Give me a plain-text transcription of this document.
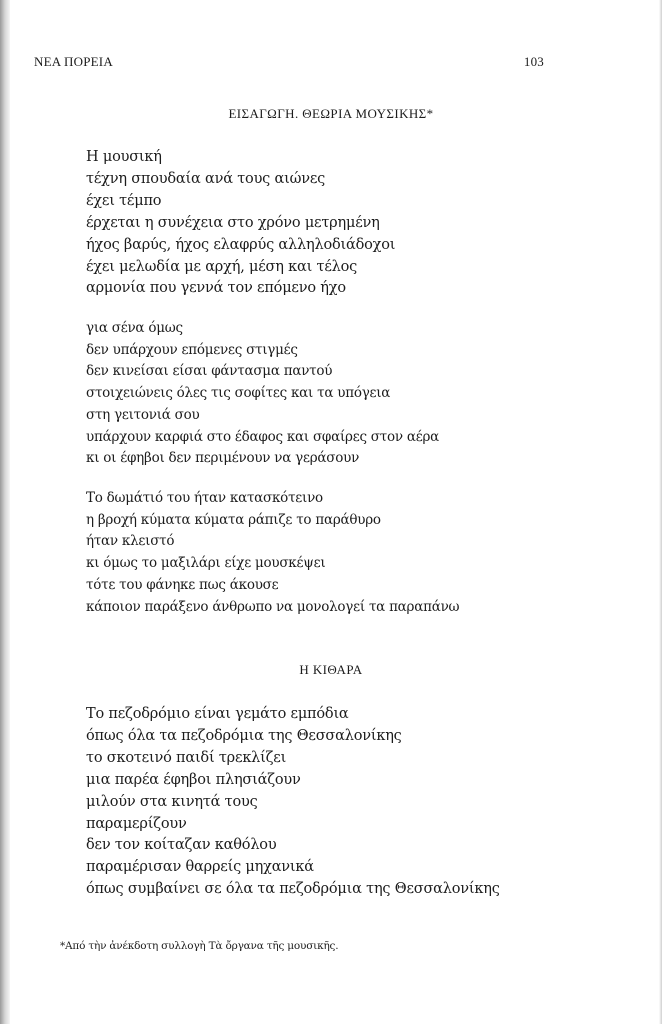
ΝΕΑ ΠΟΡΕΙΑ	103
ΕΙΣΑΓΩΓΗ. ΘΕΩΡΙΑ ΜΟΥΣΙΚΗΣ*
Η μουσική
τέχνη σπουδαία ανά τους αιώνες
έχει τέμπο
έρχεται η συνέχεια στο χρόνο μετρημένη
ήχος βαρύς, ήχος ελαφρύς αλληλοδιάδοχοι
έχει μελωδία με αρχή, μέση και τέλος
αρμονία που γεννά τον επόμενο ήχο
για σένα όμως
δεν υπάρχουν επόμενες στιγμές
δεν κινείσαι είσαι φάντασμα παντού
στοιχειώνεις όλες τις σοφίτες και τα υπόγεια
στη γειτονιά σου
υπάρχουν καρφιά στο έδαφος και σφαίρες στον αέρα
κι οι έφηβοι δεν περιμένουν να γεράσουν
Το δωμάτιό του ήταν κατασκότεινο
η βροχή κύματα κύματα ράπιζε το παράθυρο
ήταν κλειστό
κι όμως το μαξιλάρι είχε μουσκέψει
τότε του φάνηκε πως άκουσε
κάποιον παράξενο άνθρωπο να μονολογεί τα παραπάνω
Η ΚΙΘΑΡΑ
Το πεζοδρόμιο είναι γεμάτο εμπόδια
όπως όλα τα πεζοδρόμια της Θεσσαλονίκης
το σκοτεινό παιδί τρεκλίζει
μια παρέα έφηβοι πλησιάζουν
μιλούν στα κινητά τους
παραμερίζουν
δεν τον κοίταζαν καθόλου
παραμέρισαν θαρρείς μηχανικά
όπως συμβαίνει σε όλα τα πεζοδρόμια της Θεσσαλονίκης
*Από τὴν ἀνέκδοτη συλλογὴ Τὰ ὄργανα τῆς μουσικῆς.
